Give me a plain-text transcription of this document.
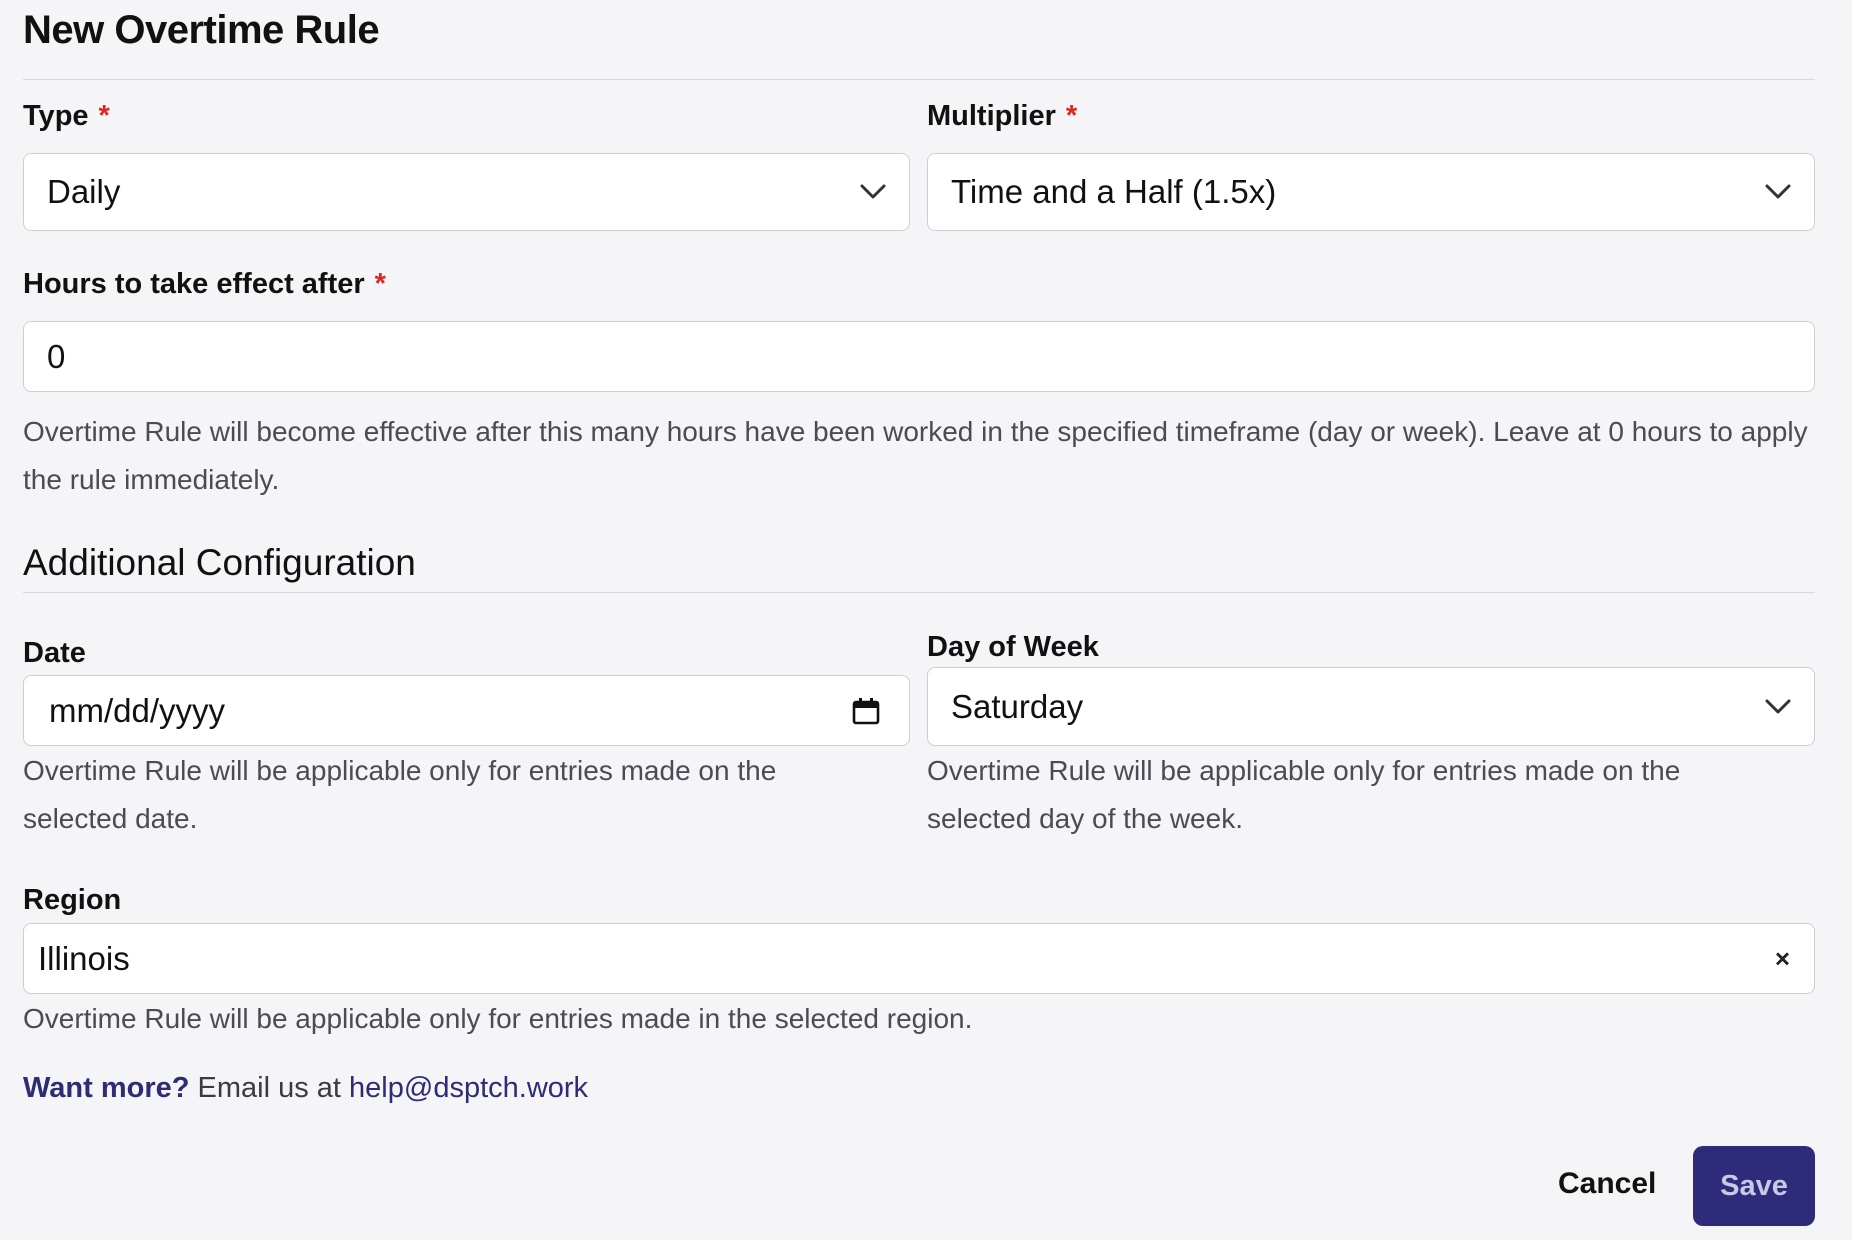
New Overtime Rule
Type *
Daily
Multiplier *
Time and a Half (1.5x)
Hours to take effect after *
0
Overtime Rule will become effective after this many hours have been worked in the specified timeframe (day or week). Leave at 0 hours to apply the rule immediately.
Additional Configuration
Date
mm/dd/yyyy
Overtime Rule will be applicable only for entries made on the selected date.
Day of Week
Saturday
Overtime Rule will be applicable only for entries made on the selected day of the week.
Region
Illinois	×
Overtime Rule will be applicable only for entries made in the selected region.
Want more? Email us at help@dsptch.work
Cancel	Save
